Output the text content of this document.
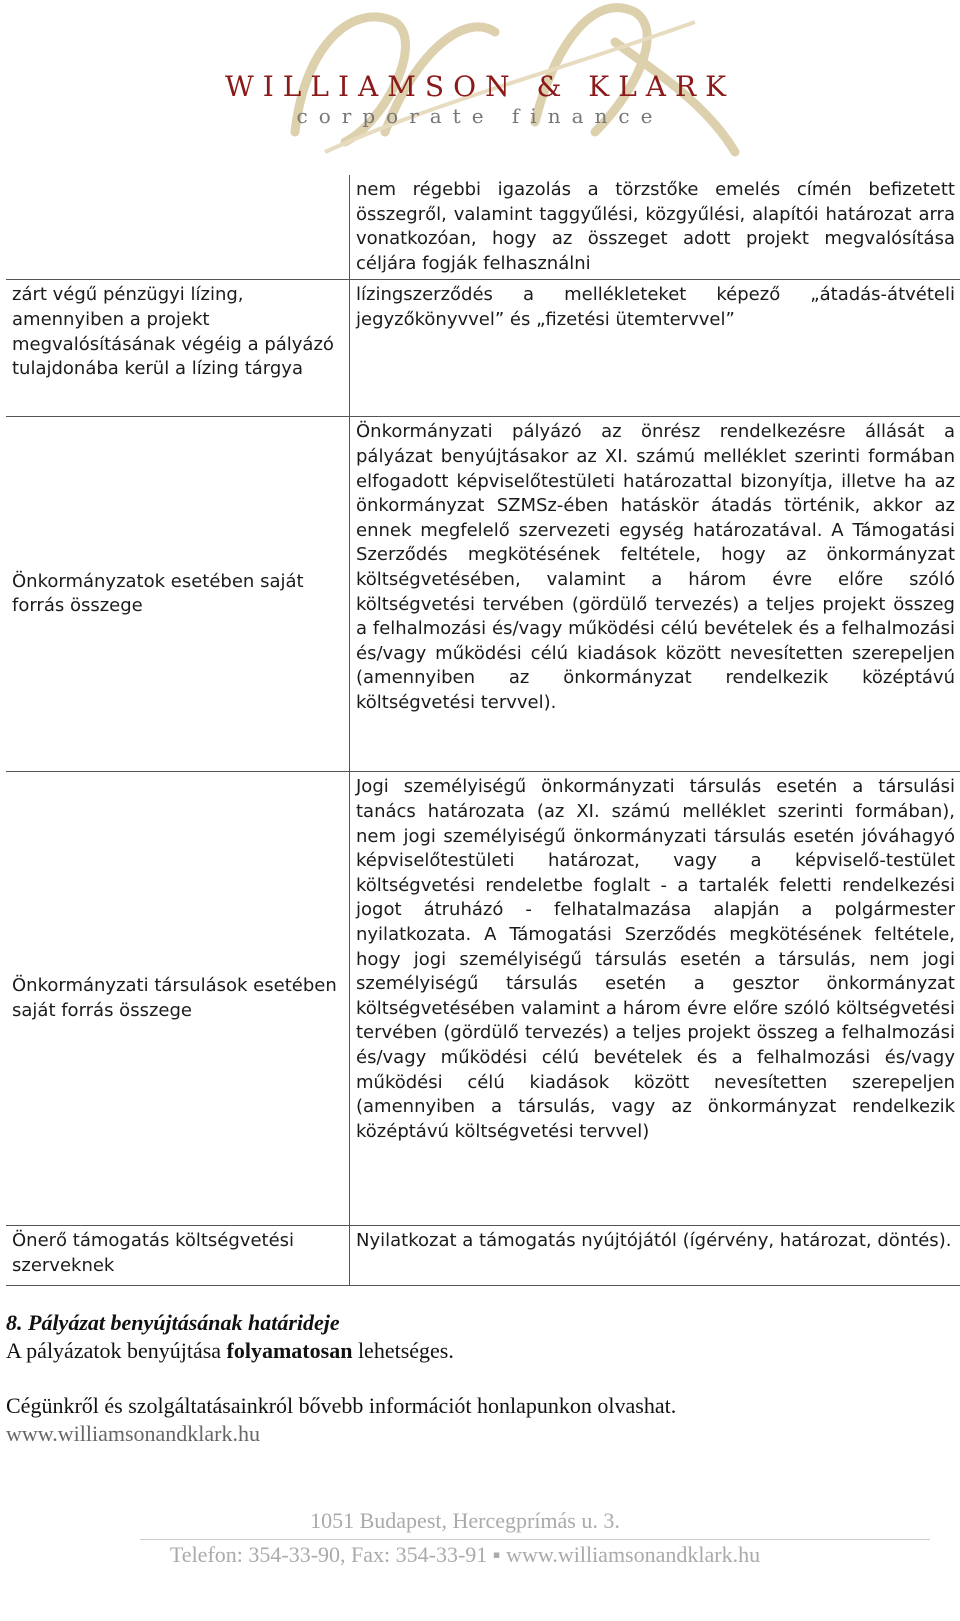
WILLIAMSON & KLARK
corporate finance
	nem régebbi igazolás a törzstőke emelés címén befizetett összegről, valamint taggyűlési, közgyűlési, alapítói határozat arra vonatkozóan, hogy az összeget adott projekt megvalósítása céljára fogják felhasználni
zárt végű pénzügyi lízing, amennyiben a projekt megvalósításának végéig a pályázó tulajdonába kerül a lízing tárgya	lízingszerződés a mellékleteket képező „átadás-átvételi jegyzőkönyvvel” és „fizetési ütemtervvel”
Önkormányzatok esetében saját forrás összege	Önkormányzati pályázó az önrész rendelkezésre állását a pályázat benyújtásakor az XI. számú melléklet szerinti formában elfogadott képviselőtestületi határozattal bizonyítja, illetve ha az önkormányzat SZMSz-ében hatáskör átadás történik, akkor az ennek megfelelő szervezeti egység határozatával. A Támogatási Szerződés megkötésének feltétele, hogy az önkormányzat költségvetésében, valamint a három évre előre szóló költségvetési tervében (gördülő tervezés) a teljes projekt összeg a felhalmozási és/vagy működési célú bevételek és a felhalmozási és/vagy működési célú kiadások között nevesítetten szerepeljen (amennyiben az önkormányzat rendelkezik középtávú költségvetési tervvel).
Önkormányzati társulások esetében saját forrás összege	Jogi személyiségű önkormányzati társulás esetén a társulási tanács határozata (az XI. számú melléklet szerinti formában), nem jogi személyiségű önkormányzati társulás esetén jóváhagyó képviselőtestületi határozat, vagy a képviselő-testület költségvetési rendeletbe foglalt - a tartalék feletti rendelkezési jogot átruházó - felhatalmazása alapján a polgármester nyilatkozata. A Támogatási Szerződés megkötésének feltétele, hogy jogi személyiségű társulás esetén a társulás, nem jogi személyiségű társulás esetén a gesztor önkormányzat költségvetésében valamint a három évre előre szóló költségvetési tervében (gördülő tervezés) a teljes projekt összeg a felhalmozási és/vagy működési célú bevételek és a felhalmozási és/vagy működési célú kiadások között nevesítetten szerepeljen (amennyiben a társulás, vagy az önkormányzat rendelkezik középtávú költségvetési tervvel)
Önerő támogatás költségvetési szerveknek	Nyilatkozat a támogatás nyújtójától (ígérvény, határozat, döntés).
8. Pályázat benyújtásának határideje
A pályázatok benyújtása folyamatosan lehetséges.
Cégünkről és szolgáltatásainkról bővebb információt honlapunkon olvashat.
www.williamsonandklark.hu
1051 Budapest, Hercegprímás u. 3.
Telefon: 354-33-90, Fax: 354-33-91 ▪ www.williamsonandklark.hu
